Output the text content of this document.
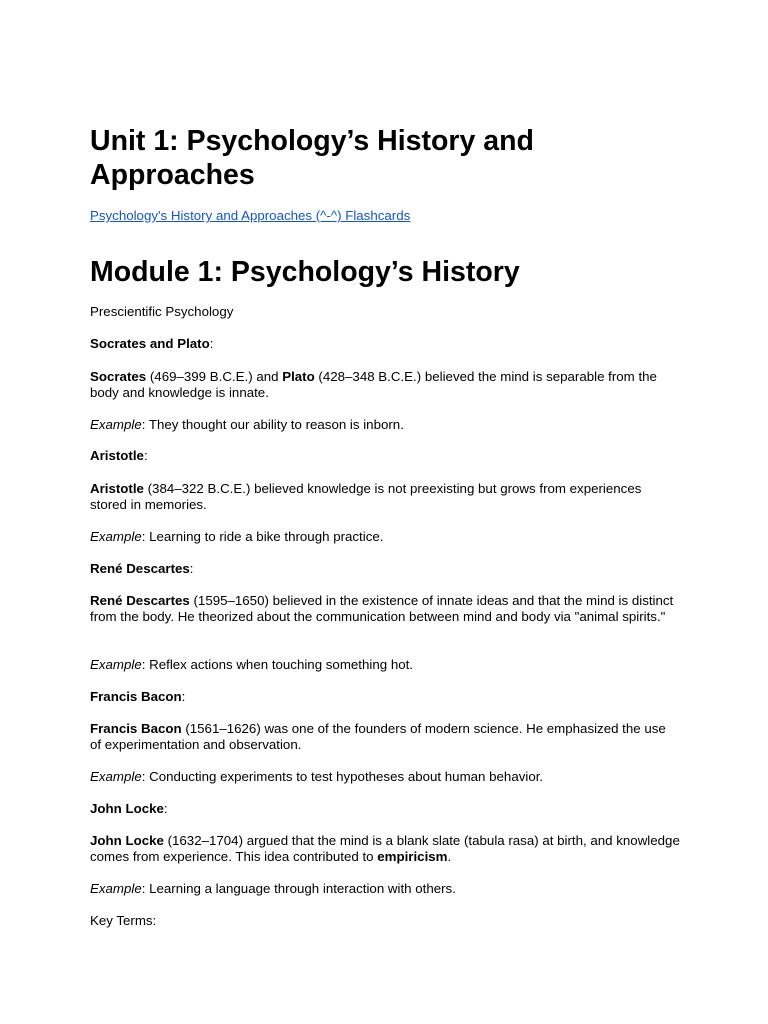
Unit 1: Psychology’s History and Approaches
Psychology's History and Approaches (^-^) Flashcards
Module 1: Psychology’s History

Prescientific Psychology

Socrates and Plato:

Socrates (469–399 B.C.E.) and Plato (428–348 B.C.E.) believed the mind is separable from the body and knowledge is innate.

Example: They thought our ability to reason is inborn.

Aristotle:

Aristotle (384–322 B.C.E.) believed knowledge is not preexisting but grows from experiences stored in memories.

Example: Learning to ride a bike through practice.

René Descartes:

René Descartes (1595–1650) believed in the existence of innate ideas and that the mind is distinct from the body. He theorized about the communication between mind and body via "animal spirits."

Example: Reflex actions when touching something hot.

Francis Bacon:

Francis Bacon (1561–1626) was one of the founders of modern science. He emphasized the use of experimentation and observation.

Example: Conducting experiments to test hypotheses about human behavior.

John Locke:

John Locke (1632–1704) argued that the mind is a blank slate (tabula rasa) at birth, and knowledge comes from experience. This idea contributed to empiricism.

Example: Learning a language through interaction with others.

Key Terms:
